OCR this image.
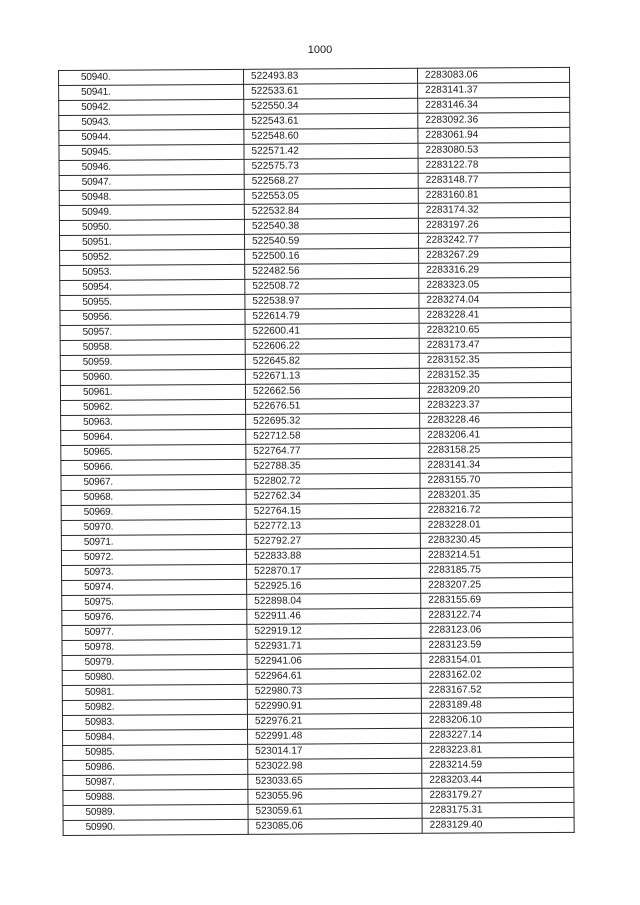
1000
50940.	522493.83	2283083.06
50941.	522533.61	2283141.37
50942.	522550.34	2283146.34
50943.	522543.61	2283092.36
50944.	522548.60	2283061.94
50945.	522571.42	2283080.53
50946.	522575.73	2283122.78
50947.	522568.27	2283148.77
50948.	522553.05	2283160.81
50949.	522532.84	2283174.32
50950.	522540.38	2283197.26
50951.	522540.59	2283242.77
50952.	522500.16	2283267.29
50953.	522482.56	2283316.29
50954.	522508.72	2283323.05
50955.	522538.97	2283274.04
50956.	522614.79	2283228.41
50957.	522600.41	2283210.65
50958.	522606.22	2283173.47
50959.	522645.82	2283152.35
50960.	522671.13	2283152.35
50961.	522662.56	2283209.20
50962.	522676.51	2283223.37
50963.	522695.32	2283228.46
50964.	522712.58	2283206.41
50965.	522764.77	2283158.25
50966.	522788.35	2283141.34
50967.	522802.72	2283155.70
50968.	522762.34	2283201.35
50969.	522764.15	2283216.72
50970.	522772.13	2283228.01
50971.	522792.27	2283230.45
50972.	522833.88	2283214.51
50973.	522870.17	2283185.75
50974.	522925.16	2283207.25
50975.	522898.04	2283155.69
50976.	522911.46	2283122.74
50977.	522919.12	2283123.06
50978.	522931.71	2283123.59
50979.	522941.06	2283154.01
50980.	522964.61	2283162.02
50981.	522980.73	2283167.52
50982.	522990.91	2283189.48
50983.	522976.21	2283206.10
50984.	522991.48	2283227.14
50985.	523014.17	2283223.81
50986.	523022.98	2283214.59
50987.	523033.65	2283203.44
50988.	523055.96	2283179.27
50989.	523059.61	2283175.31
50990.	523085.06	2283129.40
